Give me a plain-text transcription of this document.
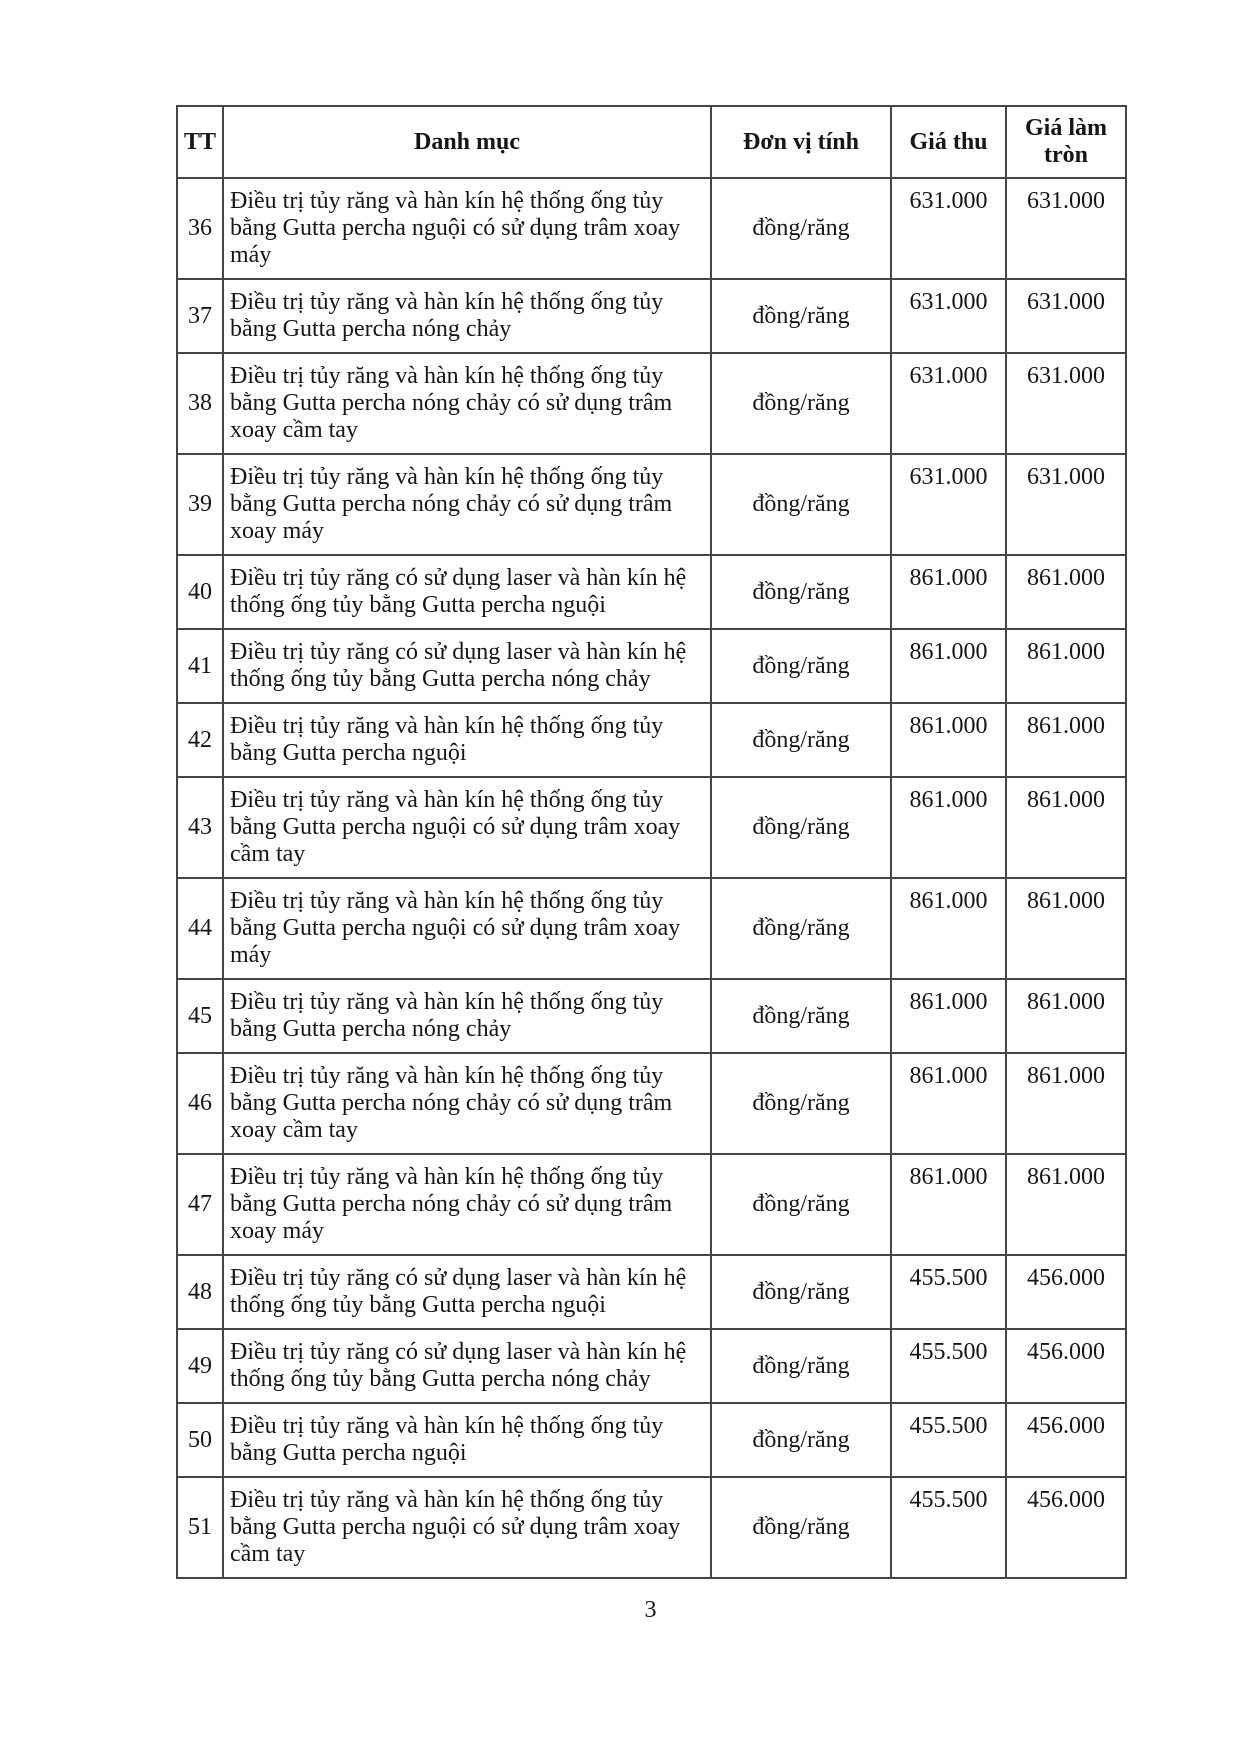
TT	Danh mục	Đơn vị tính	Giá thu	Giá làm tròn
36	Điều trị tủy răng và hàn kín hệ thống ống tủy bằng Gutta percha nguội có sử dụng trâm xoay máy	đồng/răng	631.000	631.000
37	Điều trị tủy răng và hàn kín hệ thống ống tủy bằng Gutta percha nóng chảy	đồng/răng	631.000	631.000
38	Điều trị tủy răng và hàn kín hệ thống ống tủy bằng Gutta percha nóng chảy có sử dụng trâm xoay cầm tay	đồng/răng	631.000	631.000
39	Điều trị tủy răng và hàn kín hệ thống ống tủy bằng Gutta percha nóng chảy có sử dụng trâm xoay máy	đồng/răng	631.000	631.000
40	Điều trị tủy răng có sử dụng laser và hàn kín hệ thống ống tủy bằng Gutta percha nguội	đồng/răng	861.000	861.000
41	Điều trị tủy răng có sử dụng laser và hàn kín hệ thống ống tủy bằng Gutta percha nóng chảy	đồng/răng	861.000	861.000
42	Điều trị tủy răng và hàn kín hệ thống ống tủy bằng Gutta percha nguội	đồng/răng	861.000	861.000
43	Điều trị tủy răng và hàn kín hệ thống ống tủy bằng Gutta percha nguội có sử dụng trâm xoay cầm tay	đồng/răng	861.000	861.000
44	Điều trị tủy răng và hàn kín hệ thống ống tủy bằng Gutta percha nguội có sử dụng trâm xoay máy	đồng/răng	861.000	861.000
45	Điều trị tủy răng và hàn kín hệ thống ống tủy bằng Gutta percha nóng chảy	đồng/răng	861.000	861.000
46	Điều trị tủy răng và hàn kín hệ thống ống tủy bằng Gutta percha nóng chảy có sử dụng trâm xoay cầm tay	đồng/răng	861.000	861.000
47	Điều trị tủy răng và hàn kín hệ thống ống tủy bằng Gutta percha nóng chảy có sử dụng trâm xoay máy	đồng/răng	861.000	861.000
48	Điều trị tủy răng có sử dụng laser và hàn kín hệ thống ống tủy bằng Gutta percha nguội	đồng/răng	455.500	456.000
49	Điều trị tủy răng có sử dụng laser và hàn kín hệ thống ống tủy bằng Gutta percha nóng chảy	đồng/răng	455.500	456.000
50	Điều trị tủy răng và hàn kín hệ thống ống tủy bằng Gutta percha nguội	đồng/răng	455.500	456.000
51	Điều trị tủy răng và hàn kín hệ thống ống tủy bằng Gutta percha nguội có sử dụng trâm xoay cầm tay	đồng/răng	455.500	456.000
3
